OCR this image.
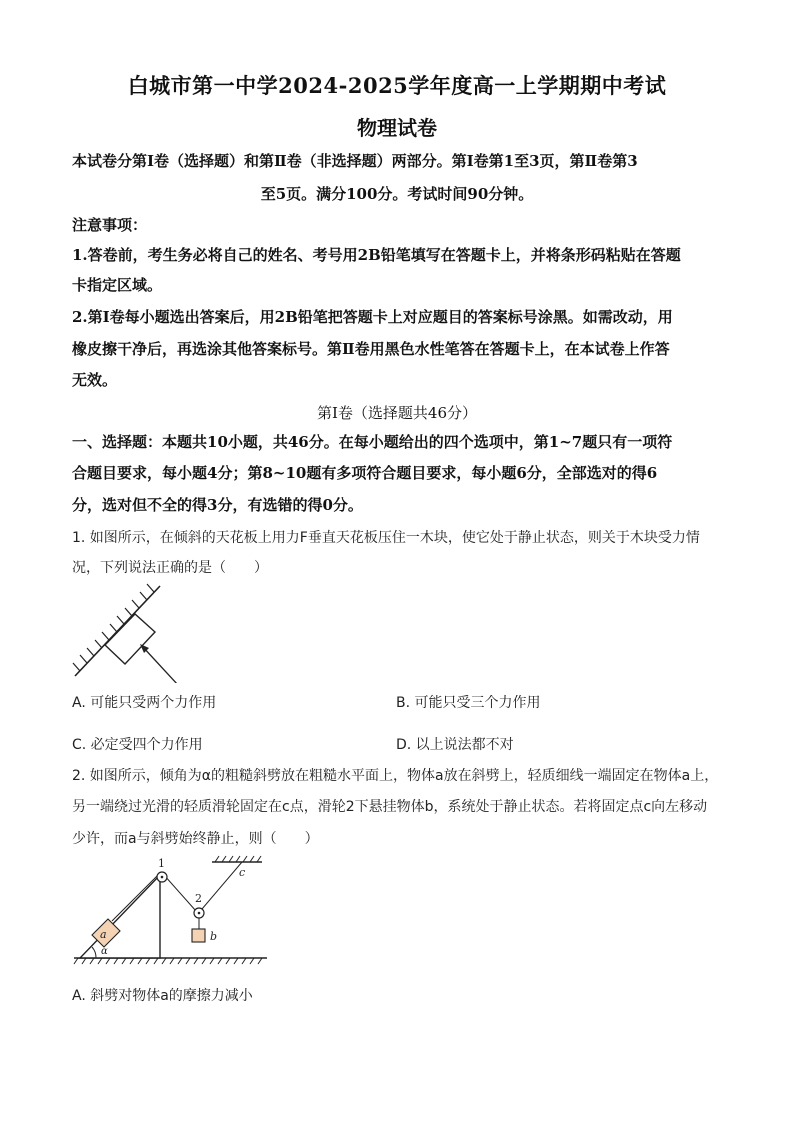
白城市第一中学2024-2025学年度高一上学期期中考试
物理试卷
本试卷分第Ⅰ卷（选择题）和第Ⅱ卷（非选择题）两部分。第Ⅰ卷第1至3页，第Ⅱ卷第3
至5页。满分100分。考试时间90分钟。
注意事项：
1.答卷前，考生务必将自己的姓名、考号用2B铅笔填写在答题卡上，并将条形码粘贴在答题
卡指定区域。
2.第Ⅰ卷每小题选出答案后，用2B铅笔把答题卡上对应题目的答案标号涂黑。如需改动，用
橡皮擦干净后，再选涂其他答案标号。第Ⅱ卷用黑色水性笔答在答题卡上，在本试卷上作答
无效。
第Ⅰ卷（选择题共46分）
一、选择题：本题共10小题，共46分。在每小题给出的四个选项中，第1~7题只有一项符
合题目要求，每小题4分；第8~10题有多项符合题目要求，每小题6分，全部选对的得6
分，选对但不全的得3分，有选错的得0分。
1. 如图所示，在倾斜的天花板上用力F垂直天花板压住一木块，使它处于静止状态，则关于木块受力情
况，下列说法正确的是（　　）
A. 可能只受两个力作用	B. 可能只受三个力作用
C. 必定受四个力作用	D. 以上说法都不对
2. 如图所示，倾角为α的粗糙斜劈放在粗糙水平面上，物体a放在斜劈上，轻质细线一端固定在物体a上，
另一端绕过光滑的轻质滑轮固定在c点，滑轮2下悬挂物体b，系统处于静止状态。若将固定点c向左移动
少许，而a与斜劈始终静止，则（　　）
a
α
1
2
c
b
A. 斜劈对物体a的摩擦力减小
